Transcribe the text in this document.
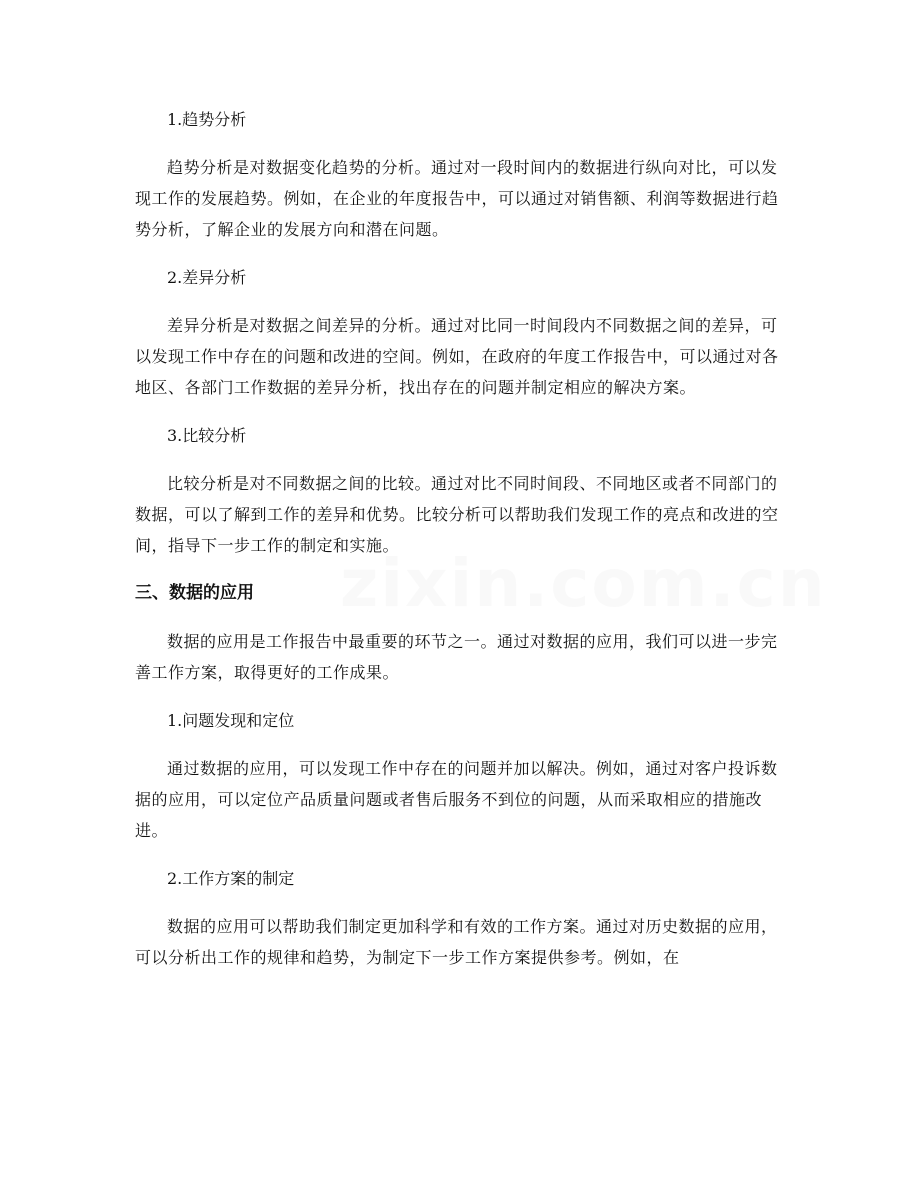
zixin.com.cn
1.趋势分析

趋势分析是对数据变化趋势的分析。通过对一段时间内的数据进行纵向对比，可以发现工作的发展趋势。例如，在企业的年度报告中，可以通过对销售额、利润等数据进行趋势分析，了解企业的发展方向和潜在问题。

2.差异分析

差异分析是对数据之间差异的分析。通过对比同一时间段内不同数据之间的差异，可以发现工作中存在的问题和改进的空间。例如，在政府的年度工作报告中，可以通过对各地区、各部门工作数据的差异分析，找出存在的问题并制定相应的解决方案。

3.比较分析

比较分析是对不同数据之间的比较。通过对比不同时间段、不同地区或者不同部门的数据，可以了解到工作的差异和优势。比较分析可以帮助我们发现工作的亮点和改进的空间，指导下一步工作的制定和实施。

三、数据的应用

数据的应用是工作报告中最重要的环节之一。通过对数据的应用，我们可以进一步完善工作方案，取得更好的工作成果。

1.问题发现和定位

通过数据的应用，可以发现工作中存在的问题并加以解决。例如，通过对客户投诉数据的应用，可以定位产品质量问题或者售后服务不到位的问题，从而采取相应的措施改进。

2.工作方案的制定

数据的应用可以帮助我们制定更加科学和有效的工作方案。通过对历史数据的应用，可以分析出工作的规律和趋势，为制定下一步工作方案提供参考。例如，在
